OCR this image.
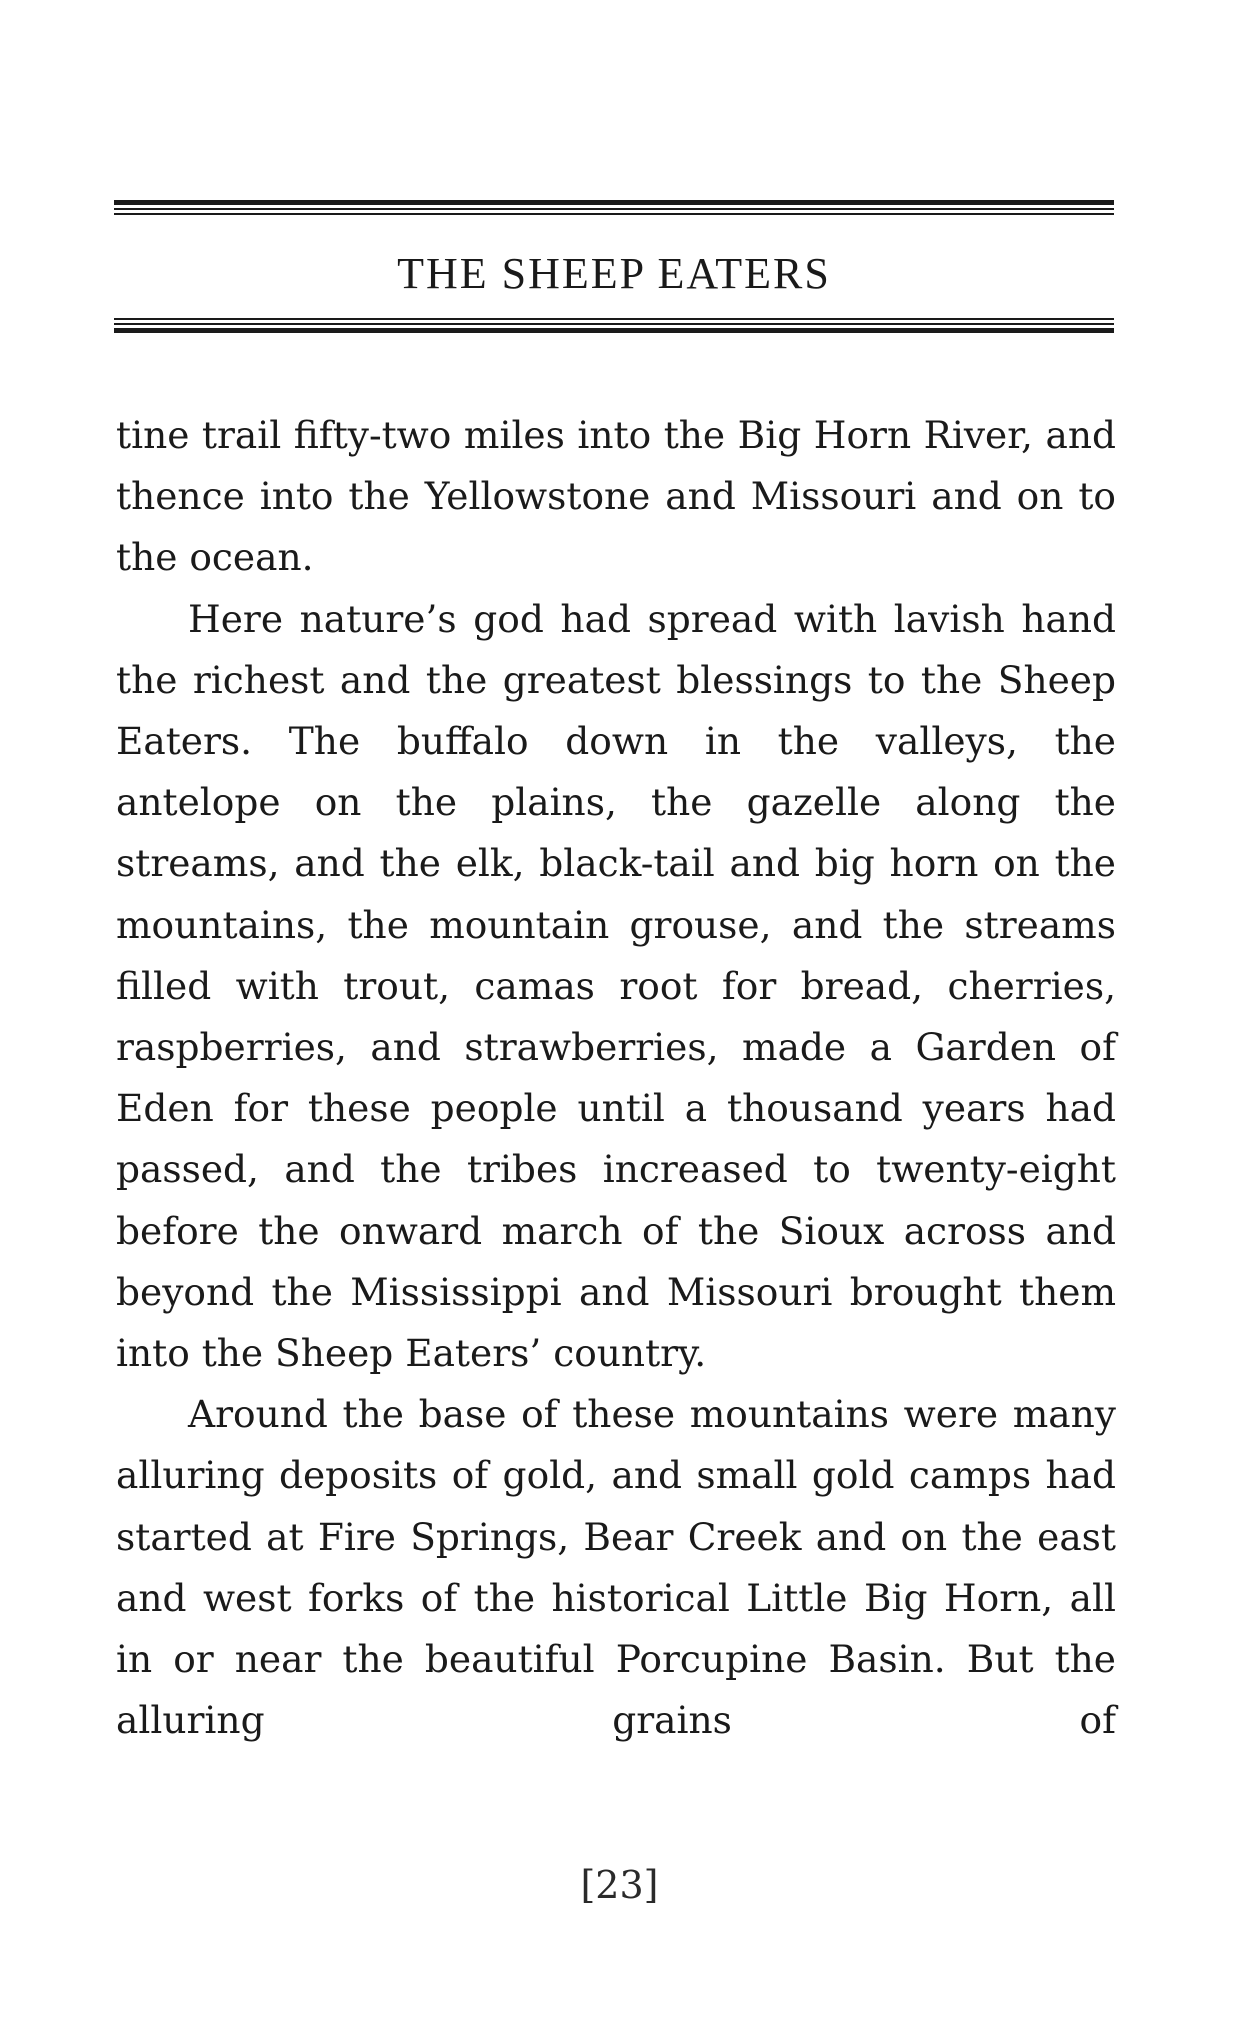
THE SHEEP EATERS

tine trail fifty-two miles into the Big Horn River, and thence into the Yellowstone and Missouri and on to the ocean.

Here nature’s god had spread with lavish hand the richest and the greatest blessings to the Sheep Eaters. The buffalo down in the valleys, the antelope on the plains, the gazelle along the streams, and the elk, black-tail and big horn on the mountains, the mountain grouse, and the streams filled with trout, camas root for bread, cherries, raspberries, and strawberries, made a Garden of Eden for these people until a thousand years had passed, and the tribes increased to twenty-eight before the onward march of the Sioux across and beyond the Mississippi and Missouri brought them into the Sheep Eaters’ country.

Around the base of these mountains were many alluring deposits of gold, and small gold camps had started at Fire Springs, Bear Creek and on the east and west forks of the historical Little Big Horn, all in or near the beautiful Porcupine Basin. But the alluring grains of

[23]
